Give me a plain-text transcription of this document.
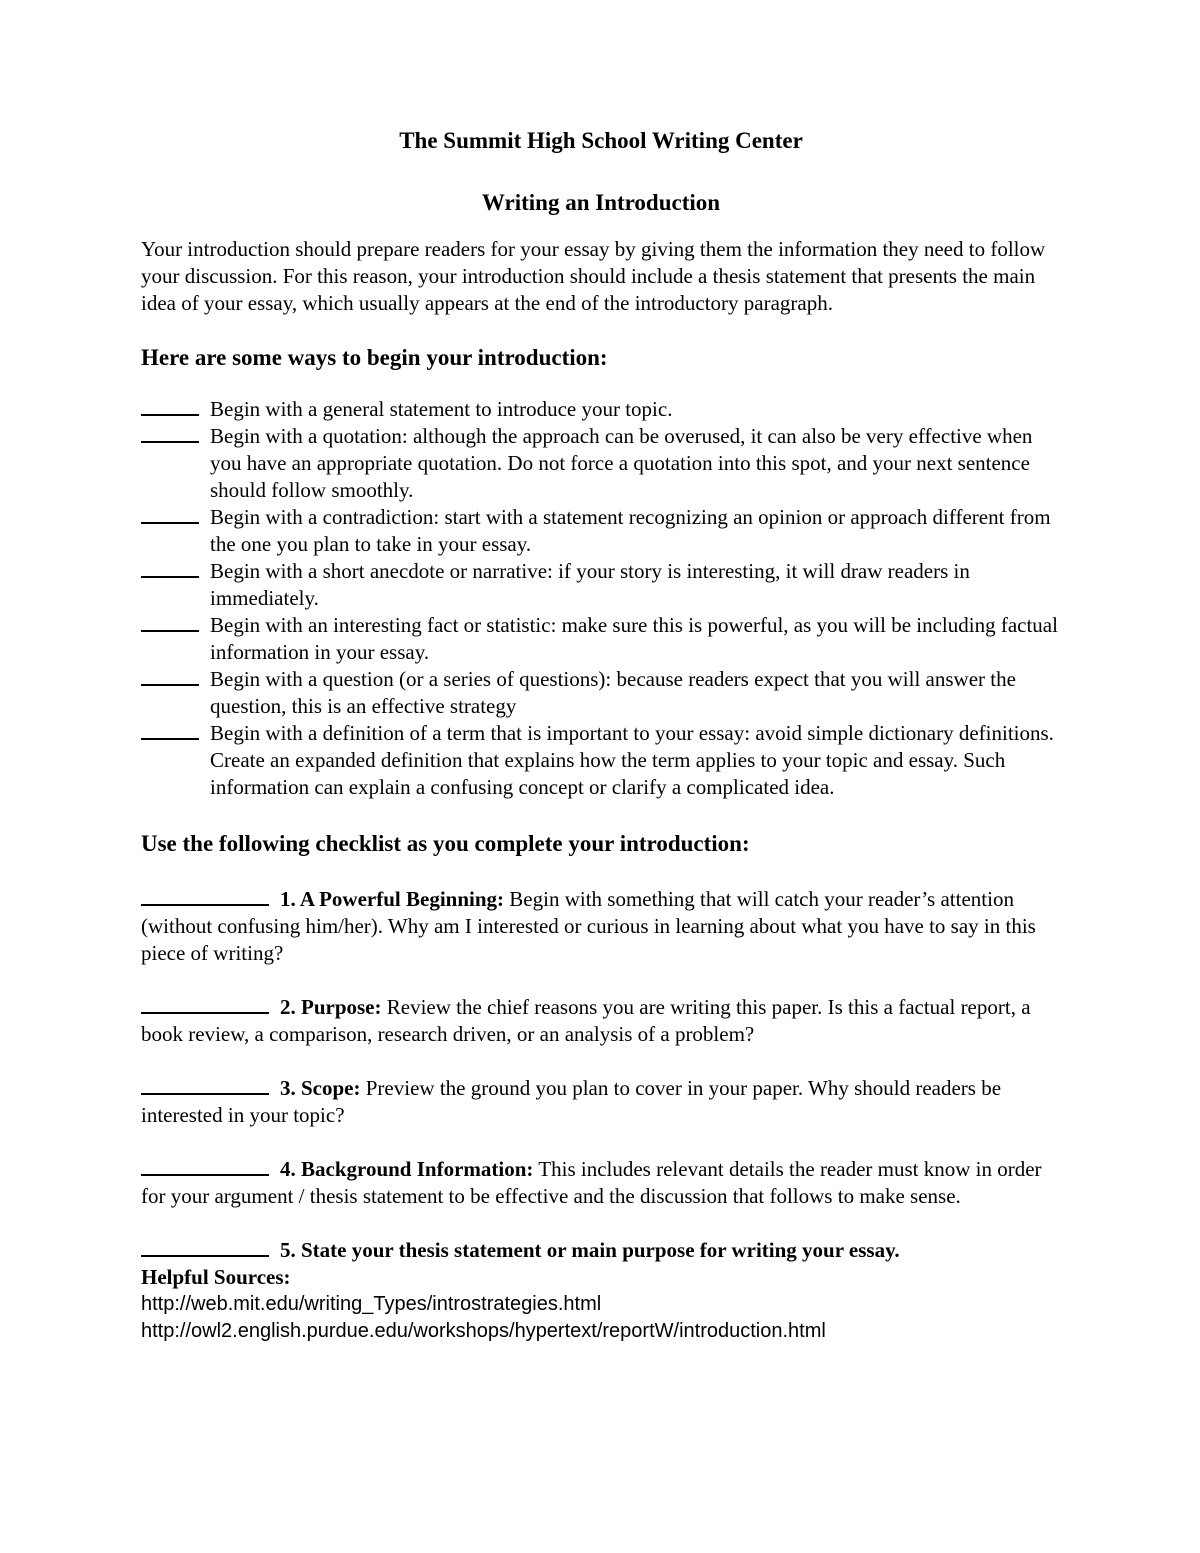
The Summit High School Writing Center
Writing an Introduction

Your introduction should prepare readers for your essay by giving them the information they need to follow your discussion. For this reason, your introduction should include a thesis statement that presents the main idea of your essay, which usually appears at the end of the introductory paragraph.

Here are some ways to begin your introduction:
Begin with a general statement to introduce your topic.
Begin with a quotation: although the approach can be overused, it can also be very effective when you have an appropriate quotation. Do not force a quotation into this spot, and your next sentence should follow smoothly.
Begin with a contradiction: start with a statement recognizing an opinion or approach different from the one you plan to take in your essay.
Begin with a short anecdote or narrative: if your story is interesting, it will draw readers in immediately.
Begin with an interesting fact or statistic: make sure this is powerful, as you will be including factual information in your essay.
Begin with a question (or a series of questions): because readers expect that you will answer the question, this is an effective strategy
Begin with a definition of a term that is important to your essay: avoid simple dictionary definitions. Create an expanded definition that explains how the term applies to your topic and essay. Such information can explain a confusing concept or clarify a complicated idea.
Use the following checklist as you complete your introduction:

1. A Powerful Beginning: Begin with something that will catch your reader’s attention (without confusing him/her). Why am I interested or curious in learning about what you have to say in this piece of writing?

2. Purpose: Review the chief reasons you are writing this paper. Is this a factual report, a book review, a comparison, research driven, or an analysis of a problem?

3. Scope: Preview the ground you plan to cover in your paper. Why should readers be interested in your topic?

4. Background Information: This includes relevant details the reader must know in order for your argument / thesis statement to be effective and the discussion that follows to make sense.

5. State your thesis statement or main purpose for writing your essay.

Helpful Sources:

http://web.mit.edu/writing_Types/introstrategies.html

http://owl2.english.purdue.edu/workshops/hypertext/reportW/introduction.html
